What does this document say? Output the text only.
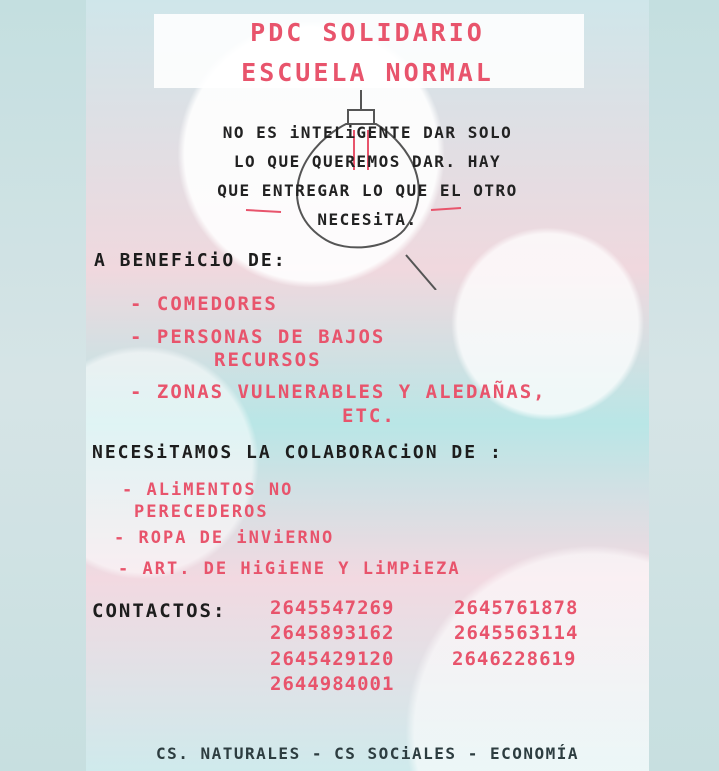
PDC SOLIDARIO
ESCUELA NORMAL
NO ES iNTELiGENTE DAR SOLO
LO QUE QUEREMOS DAR. HAY
QUE ENTREGAR LO QUE EL OTRO
NECESiTA.
A BENEFiCiO DE:
- COMEDORES
- PERSONAS DE BAJOS
RECURSOS
- ZONAS VULNERABLES Y ALEDAÑAS,
ETC.
NECESiTAMOS LA COLABORACiON DE :
- ALiMENTOS NO
PERECEDEROS
- ROPA DE iNViERNO
- ART. DE HiGiENE Y LiMPiEZA
CONTACTOS: 2645547269	2645761878
2645893162	2645563114
2645429120	2646228619
2644984001
CS. NATURALES - CS SOCiALES - ECONOMÍA
